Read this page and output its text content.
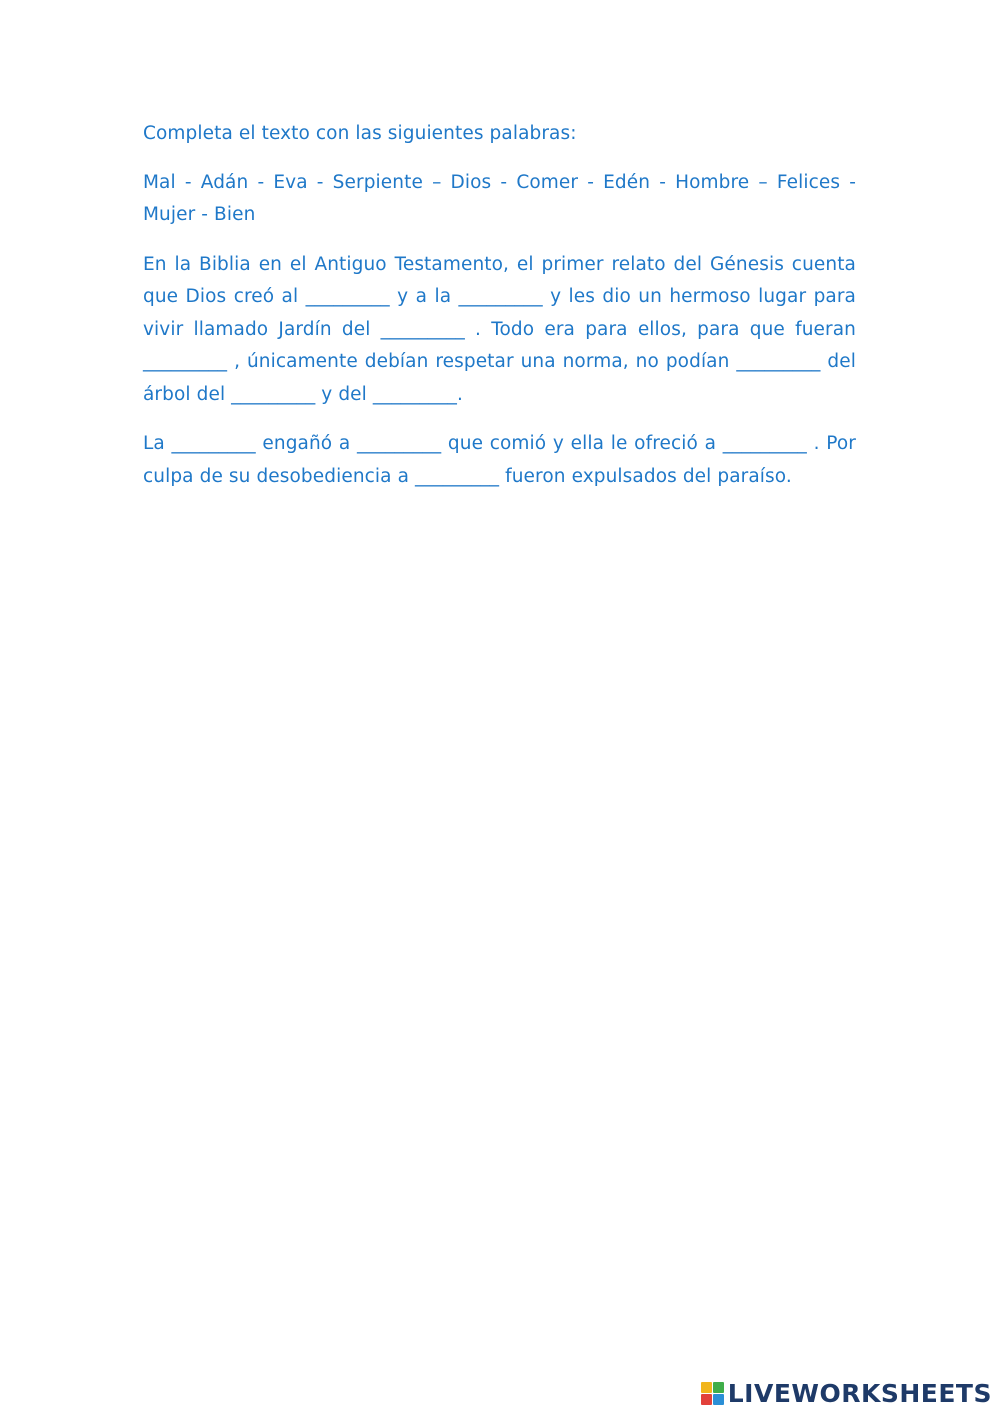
Completa el texto con las siguientes palabras:

Mal - Adán - Eva - Serpiente – Dios - Comer - Edén - Hombre – Felices - Mujer - Bien

En la Biblia en el Antiguo Testamento, el primer relato del Génesis cuenta que Dios creó al _________ y a la _________ y les dio un hermoso lugar para vivir llamado Jardín del _________ . Todo era para ellos, para que fueran _________ , únicamente debían respetar una norma, no podían _________ del árbol del _________ y del _________.

La _________ engañó a _________ que comió y ella le ofreció a _________ . Por culpa de su desobediencia a _________ fueron expulsados del paraíso.

LIVEWORKSHEETS
